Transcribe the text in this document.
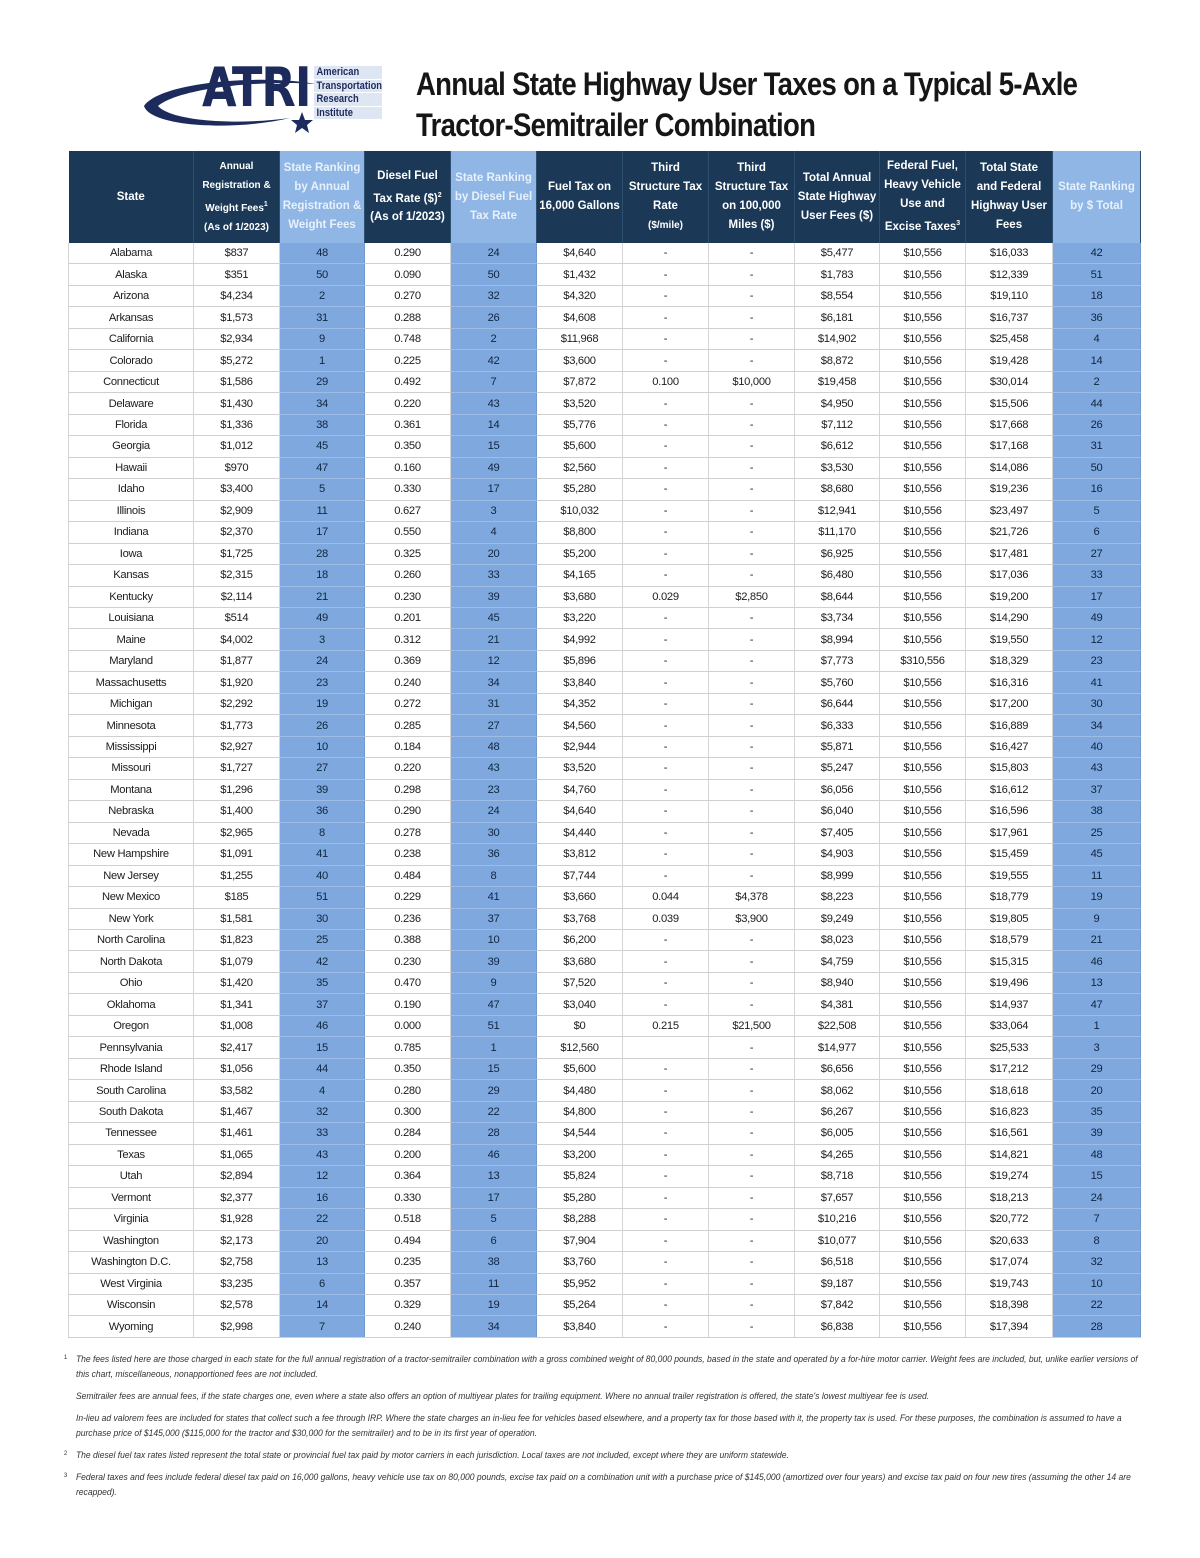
ATRI American
Transportation
Research
Institute
Annual State Highway User Taxes on a Typical 5-Axle
Tractor-Semitrailer Combination
State	Annual
Registration &
Weight Fees$^1$
(As of 1/2023)	State Ranking
by Annual
Registration &
Weight Fees	Diesel Fuel
Tax Rate ($)$^2$
(As of 1/2023)	State Ranking
by Diesel Fuel
Tax Rate	Fuel Tax on
16,000 Gallons	Third
Structure Tax
Rate
($/mile)	Third
Structure Tax
on 100,000
Miles ($)	Total Annual
State Highway
User Fees ($)	Federal Fuel,
Heavy Vehicle
Use and
Excise Taxes$^3$	Total State
and Federal
Highway User
Fees	State Ranking
by $ Total
Alabama	$837	48	0.290	24	$4,640	-	-	$5,477	$10,556	$16,033	42
Alaska	$351	50	0.090	50	$1,432	-	-	$1,783	$10,556	$12,339	51
Arizona	$4,234	2	0.270	32	$4,320	-	-	$8,554	$10,556	$19,110	18
Arkansas	$1,573	31	0.288	26	$4,608	-	-	$6,181	$10,556	$16,737	36
California	$2,934	9	0.748	2	$11,968	-	-	$14,902	$10,556	$25,458	4
Colorado	$5,272	1	0.225	42	$3,600	-	-	$8,872	$10,556	$19,428	14
Connecticut	$1,586	29	0.492	7	$7,872	0.100	$10,000	$19,458	$10,556	$30,014	2
Delaware	$1,430	34	0.220	43	$3,520	-	-	$4,950	$10,556	$15,506	44
Florida	$1,336	38	0.361	14	$5,776	-	-	$7,112	$10,556	$17,668	26
Georgia	$1,012	45	0.350	15	$5,600	-	-	$6,612	$10,556	$17,168	31
Hawaii	$970	47	0.160	49	$2,560	-	-	$3,530	$10,556	$14,086	50
Idaho	$3,400	5	0.330	17	$5,280	-	-	$8,680	$10,556	$19,236	16
Illinois	$2,909	11	0.627	3	$10,032	-	-	$12,941	$10,556	$23,497	5
Indiana	$2,370	17	0.550	4	$8,800	-	-	$11,170	$10,556	$21,726	6
Iowa	$1,725	28	0.325	20	$5,200	-	-	$6,925	$10,556	$17,481	27
Kansas	$2,315	18	0.260	33	$4,165	-	-	$6,480	$10,556	$17,036	33
Kentucky	$2,114	21	0.230	39	$3,680	0.029	$2,850	$8,644	$10,556	$19,200	17
Louisiana	$514	49	0.201	45	$3,220	-	-	$3,734	$10,556	$14,290	49
Maine	$4,002	3	0.312	21	$4,992	-	-	$8,994	$10,556	$19,550	12
Maryland	$1,877	24	0.369	12	$5,896	-	-	$7,773	$310,556	$18,329	23
Massachusetts	$1,920	23	0.240	34	$3,840	-	-	$5,760	$10,556	$16,316	41
Michigan	$2,292	19	0.272	31	$4,352	-	-	$6,644	$10,556	$17,200	30
Minnesota	$1,773	26	0.285	27	$4,560	-	-	$6,333	$10,556	$16,889	34
Mississippi	$2,927	10	0.184	48	$2,944	-	-	$5,871	$10,556	$16,427	40
Missouri	$1,727	27	0.220	43	$3,520	-	-	$5,247	$10,556	$15,803	43
Montana	$1,296	39	0.298	23	$4,760	-	-	$6,056	$10,556	$16,612	37
Nebraska	$1,400	36	0.290	24	$4,640	-	-	$6,040	$10,556	$16,596	38
Nevada	$2,965	8	0.278	30	$4,440	-	-	$7,405	$10,556	$17,961	25
New Hampshire	$1,091	41	0.238	36	$3,812	-	-	$4,903	$10,556	$15,459	45
New Jersey	$1,255	40	0.484	8	$7,744	-	-	$8,999	$10,556	$19,555	11
New Mexico	$185	51	0.229	41	$3,660	0.044	$4,378	$8,223	$10,556	$18,779	19
New York	$1,581	30	0.236	37	$3,768	0.039	$3,900	$9,249	$10,556	$19,805	9
North Carolina	$1,823	25	0.388	10	$6,200	-	-	$8,023	$10,556	$18,579	21
North Dakota	$1,079	42	0.230	39	$3,680	-	-	$4,759	$10,556	$15,315	46
Ohio	$1,420	35	0.470	9	$7,520	-	-	$8,940	$10,556	$19,496	13
Oklahoma	$1,341	37	0.190	47	$3,040	-	-	$4,381	$10,556	$14,937	47
Oregon	$1,008	46	0.000	51	$0	0.215	$21,500	$22,508	$10,556	$33,064	1
Pennsylvania	$2,417	15	0.785	1	$12,560		-	$14,977	$10,556	$25,533	3
Rhode Island	$1,056	44	0.350	15	$5,600	-	-	$6,656	$10,556	$17,212	29
South Carolina	$3,582	4	0.280	29	$4,480	-	-	$8,062	$10,556	$18,618	20
South Dakota	$1,467	32	0.300	22	$4,800	-	-	$6,267	$10,556	$16,823	35
Tennessee	$1,461	33	0.284	28	$4,544	-	-	$6,005	$10,556	$16,561	39
Texas	$1,065	43	0.200	46	$3,200	-	-	$4,265	$10,556	$14,821	48
Utah	$2,894	12	0.364	13	$5,824	-	-	$8,718	$10,556	$19,274	15
Vermont	$2,377	16	0.330	17	$5,280	-	-	$7,657	$10,556	$18,213	24
Virginia	$1,928	22	0.518	5	$8,288	-	-	$10,216	$10,556	$20,772	7
Washington	$2,173	20	0.494	6	$7,904	-	-	$10,077	$10,556	$20,633	8
Washington D.C.	$2,758	13	0.235	38	$3,760	-	-	$6,518	$10,556	$17,074	32
West Virginia	$3,235	6	0.357	11	$5,952	-	-	$9,187	$10,556	$19,743	10
Wisconsin	$2,578	14	0.329	19	$5,264	-	-	$7,842	$10,556	$18,398	22
Wyoming	$2,998	7	0.240	34	$3,840	-	-	$6,838	$10,556	$17,394	28
1 The fees listed here are those charged in each state for the full annual registration of a tractor-semitrailer combination with a gross combined weight of 80,000 pounds, based in the state and operated by a for-hire motor carrier. Weight fees are included, but, unlike earlier versions of this chart, miscellaneous, nonapportioned fees are not included.
Semitrailer fees are annual fees, if the state charges one, even where a state also offers an option of multiyear plates for trailing equipment. Where no annual trailer registration is offered, the state's lowest multiyear fee is used.
In-lieu ad valorem fees are included for states that collect such a fee through IRP. Where the state charges an in-lieu fee for vehicles based elsewhere, and a property tax for those based with it, the property tax is used. For these purposes, the combination is assumed to have a purchase price of $145,000 ($115,000 for the tractor and $30,000 for the semitrailer) and to be in its first year of operation.
2 The diesel fuel tax rates listed represent the total state or provincial fuel tax paid by motor carriers in each jurisdiction. Local taxes are not included, except where they are uniform statewide.
3 Federal taxes and fees include federal diesel tax paid on 16,000 gallons, heavy vehicle use tax on 80,000 pounds, excise tax paid on a combination unit with a purchase price of $145,000 (amortized over four years) and excise tax paid on four new tires (assuming the other 14 are recapped).
